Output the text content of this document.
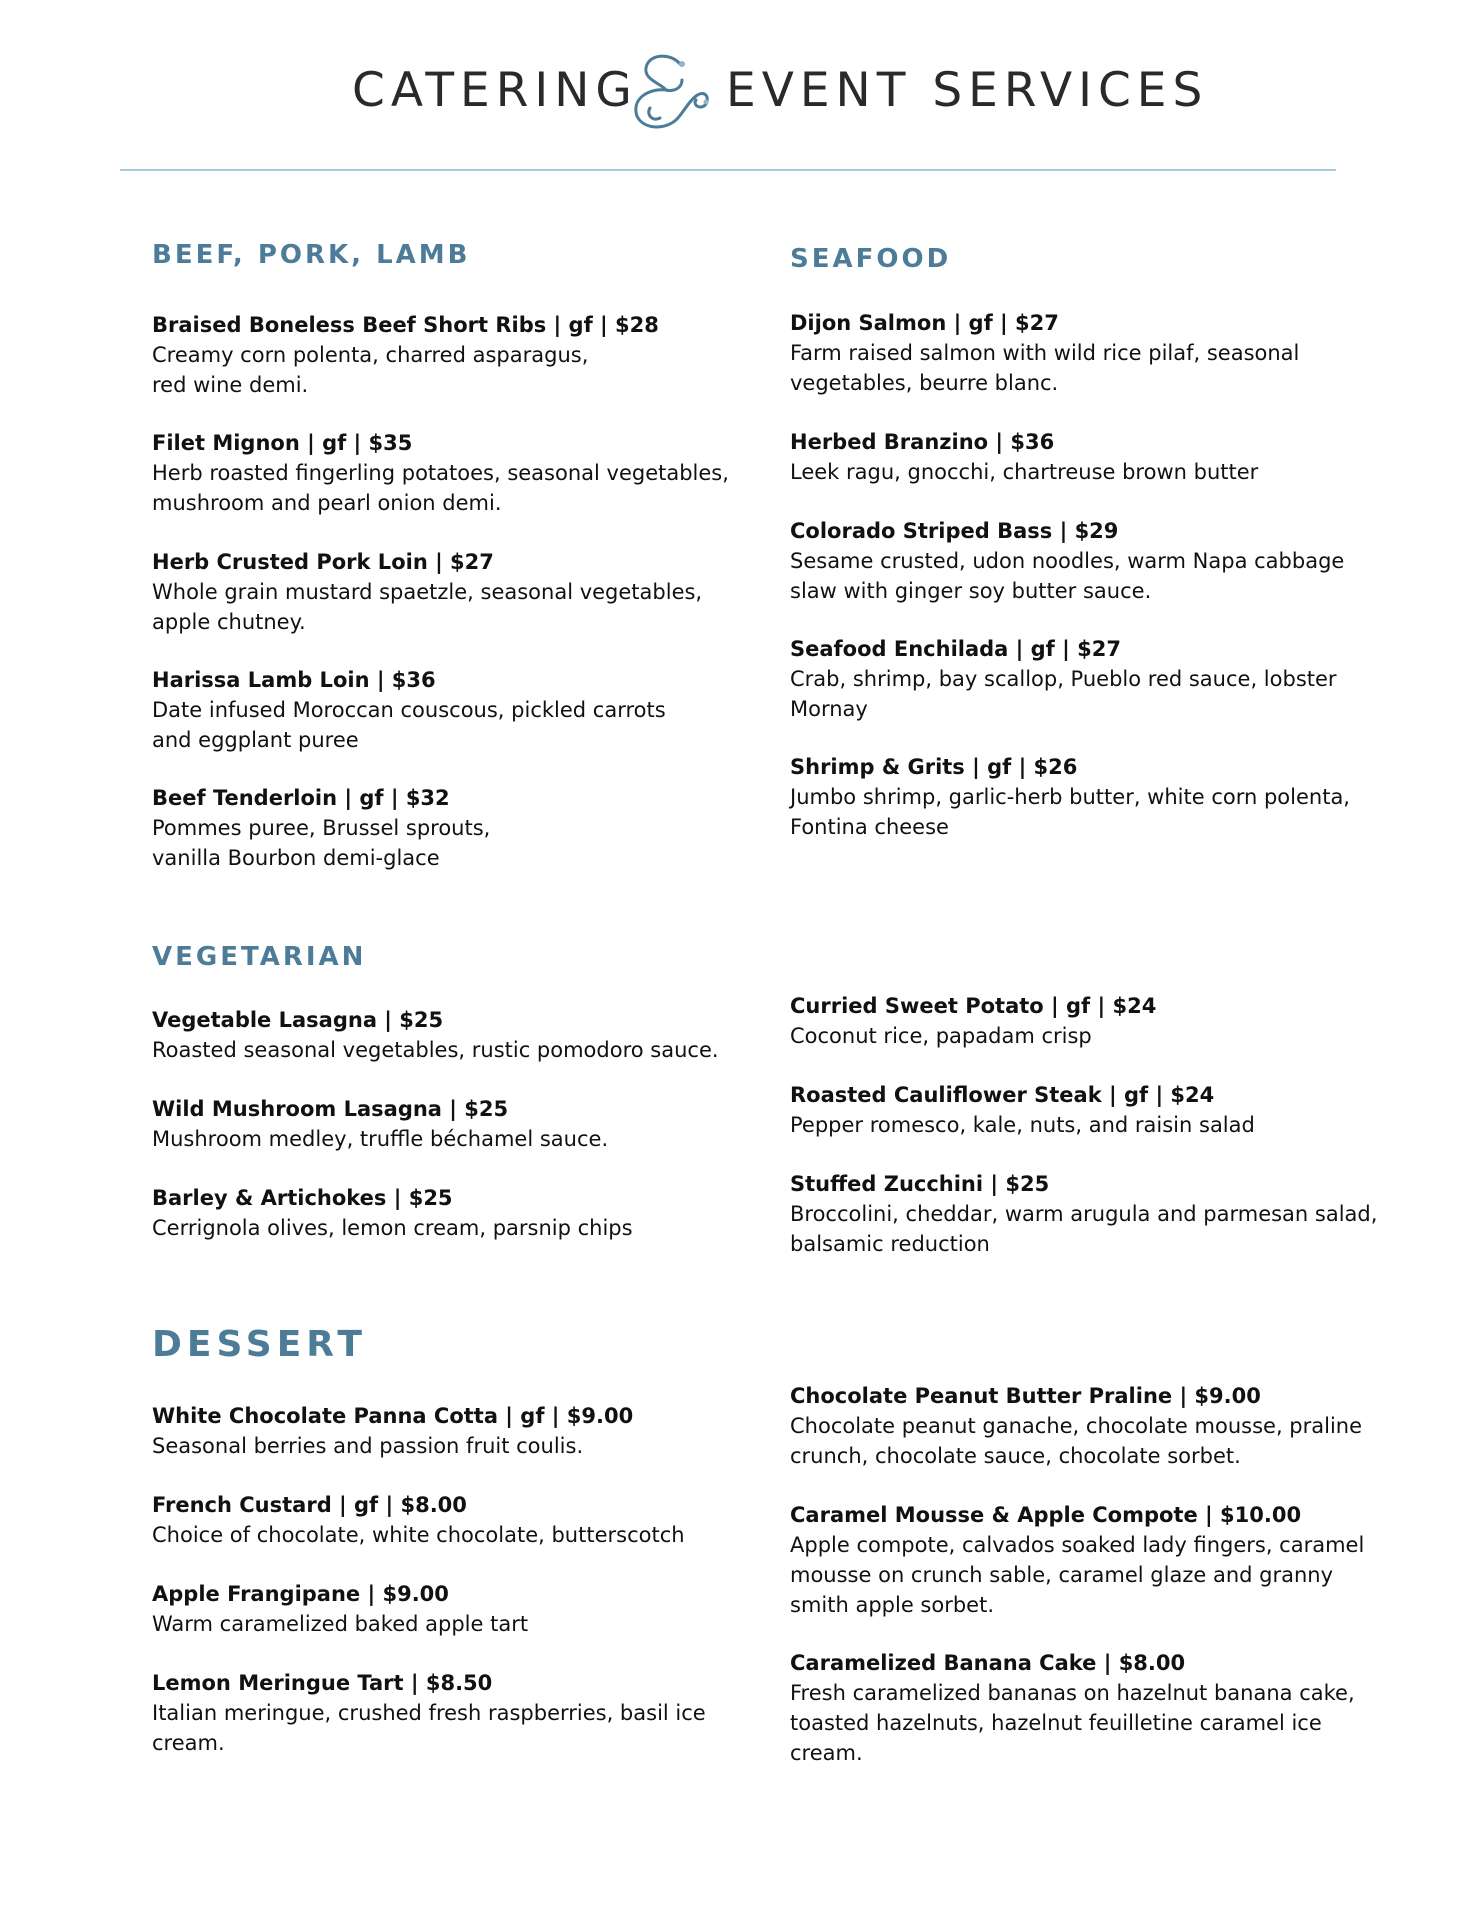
CATERING EVENT SERVICES
BEEF, PORK, LAMB
Braised Boneless Beef Short Ribs | gf | $28
Creamy corn polenta, charred asparagus,
red wine demi.
Filet Mignon | gf | $35
Herb roasted fingerling potatoes, seasonal vegetables,
mushroom and pearl onion demi.
Herb Crusted Pork Loin | $27
Whole grain mustard spaetzle, seasonal vegetables,
apple chutney.
Harissa Lamb Loin | $36
Date infused Moroccan couscous, pickled carrots
and eggplant puree
Beef Tenderloin | gf | $32
Pommes puree, Brussel sprouts,
vanilla Bourbon demi-glace
SEAFOOD
Dijon Salmon | gf | $27
Farm raised salmon with wild rice pilaf, seasonal
vegetables, beurre blanc.
Herbed Branzino | $36
Leek ragu, gnocchi, chartreuse brown butter
Colorado Striped Bass | $29
Sesame crusted, udon noodles, warm Napa cabbage
slaw with ginger soy butter sauce.
Seafood Enchilada | gf | $27
Crab, shrimp, bay scallop, Pueblo red sauce, lobster
Mornay
Shrimp & Grits | gf | $26
Jumbo shrimp, garlic-herb butter, white corn polenta,
Fontina cheese
VEGETARIAN
Vegetable Lasagna | $25
Roasted seasonal vegetables, rustic pomodoro sauce.
Wild Mushroom Lasagna | $25
Mushroom medley, truffle béchamel sauce.
Barley & Artichokes | $25
Cerrignola olives, lemon cream, parsnip chips
Curried Sweet Potato | gf | $24
Coconut rice, papadam crisp
Roasted Cauliflower Steak | gf | $24
Pepper romesco, kale, nuts, and raisin salad
Stuffed Zucchini | $25
Broccolini, cheddar, warm arugula and parmesan salad,
balsamic reduction
DESSERT
White Chocolate Panna Cotta | gf | $9.00
Seasonal berries and passion fruit coulis.
French Custard | gf | $8.00
Choice of chocolate, white chocolate, butterscotch
Apple Frangipane | $9.00
Warm caramelized baked apple tart
Lemon Meringue Tart | $8.50
Italian meringue, crushed fresh raspberries, basil ice cream.
Chocolate Peanut Butter Praline | $9.00
Chocolate peanut ganache, chocolate mousse, praline
crunch, chocolate sauce, chocolate sorbet.
Caramel Mousse & Apple Compote | $10.00
Apple compote, calvados soaked lady fingers, caramel
mousse on crunch sable, caramel glaze and granny
smith apple sorbet.
Caramelized Banana Cake | $8.00
Fresh caramelized bananas on hazelnut banana cake,
toasted hazelnuts, hazelnut feuilletine caramel ice
cream.
